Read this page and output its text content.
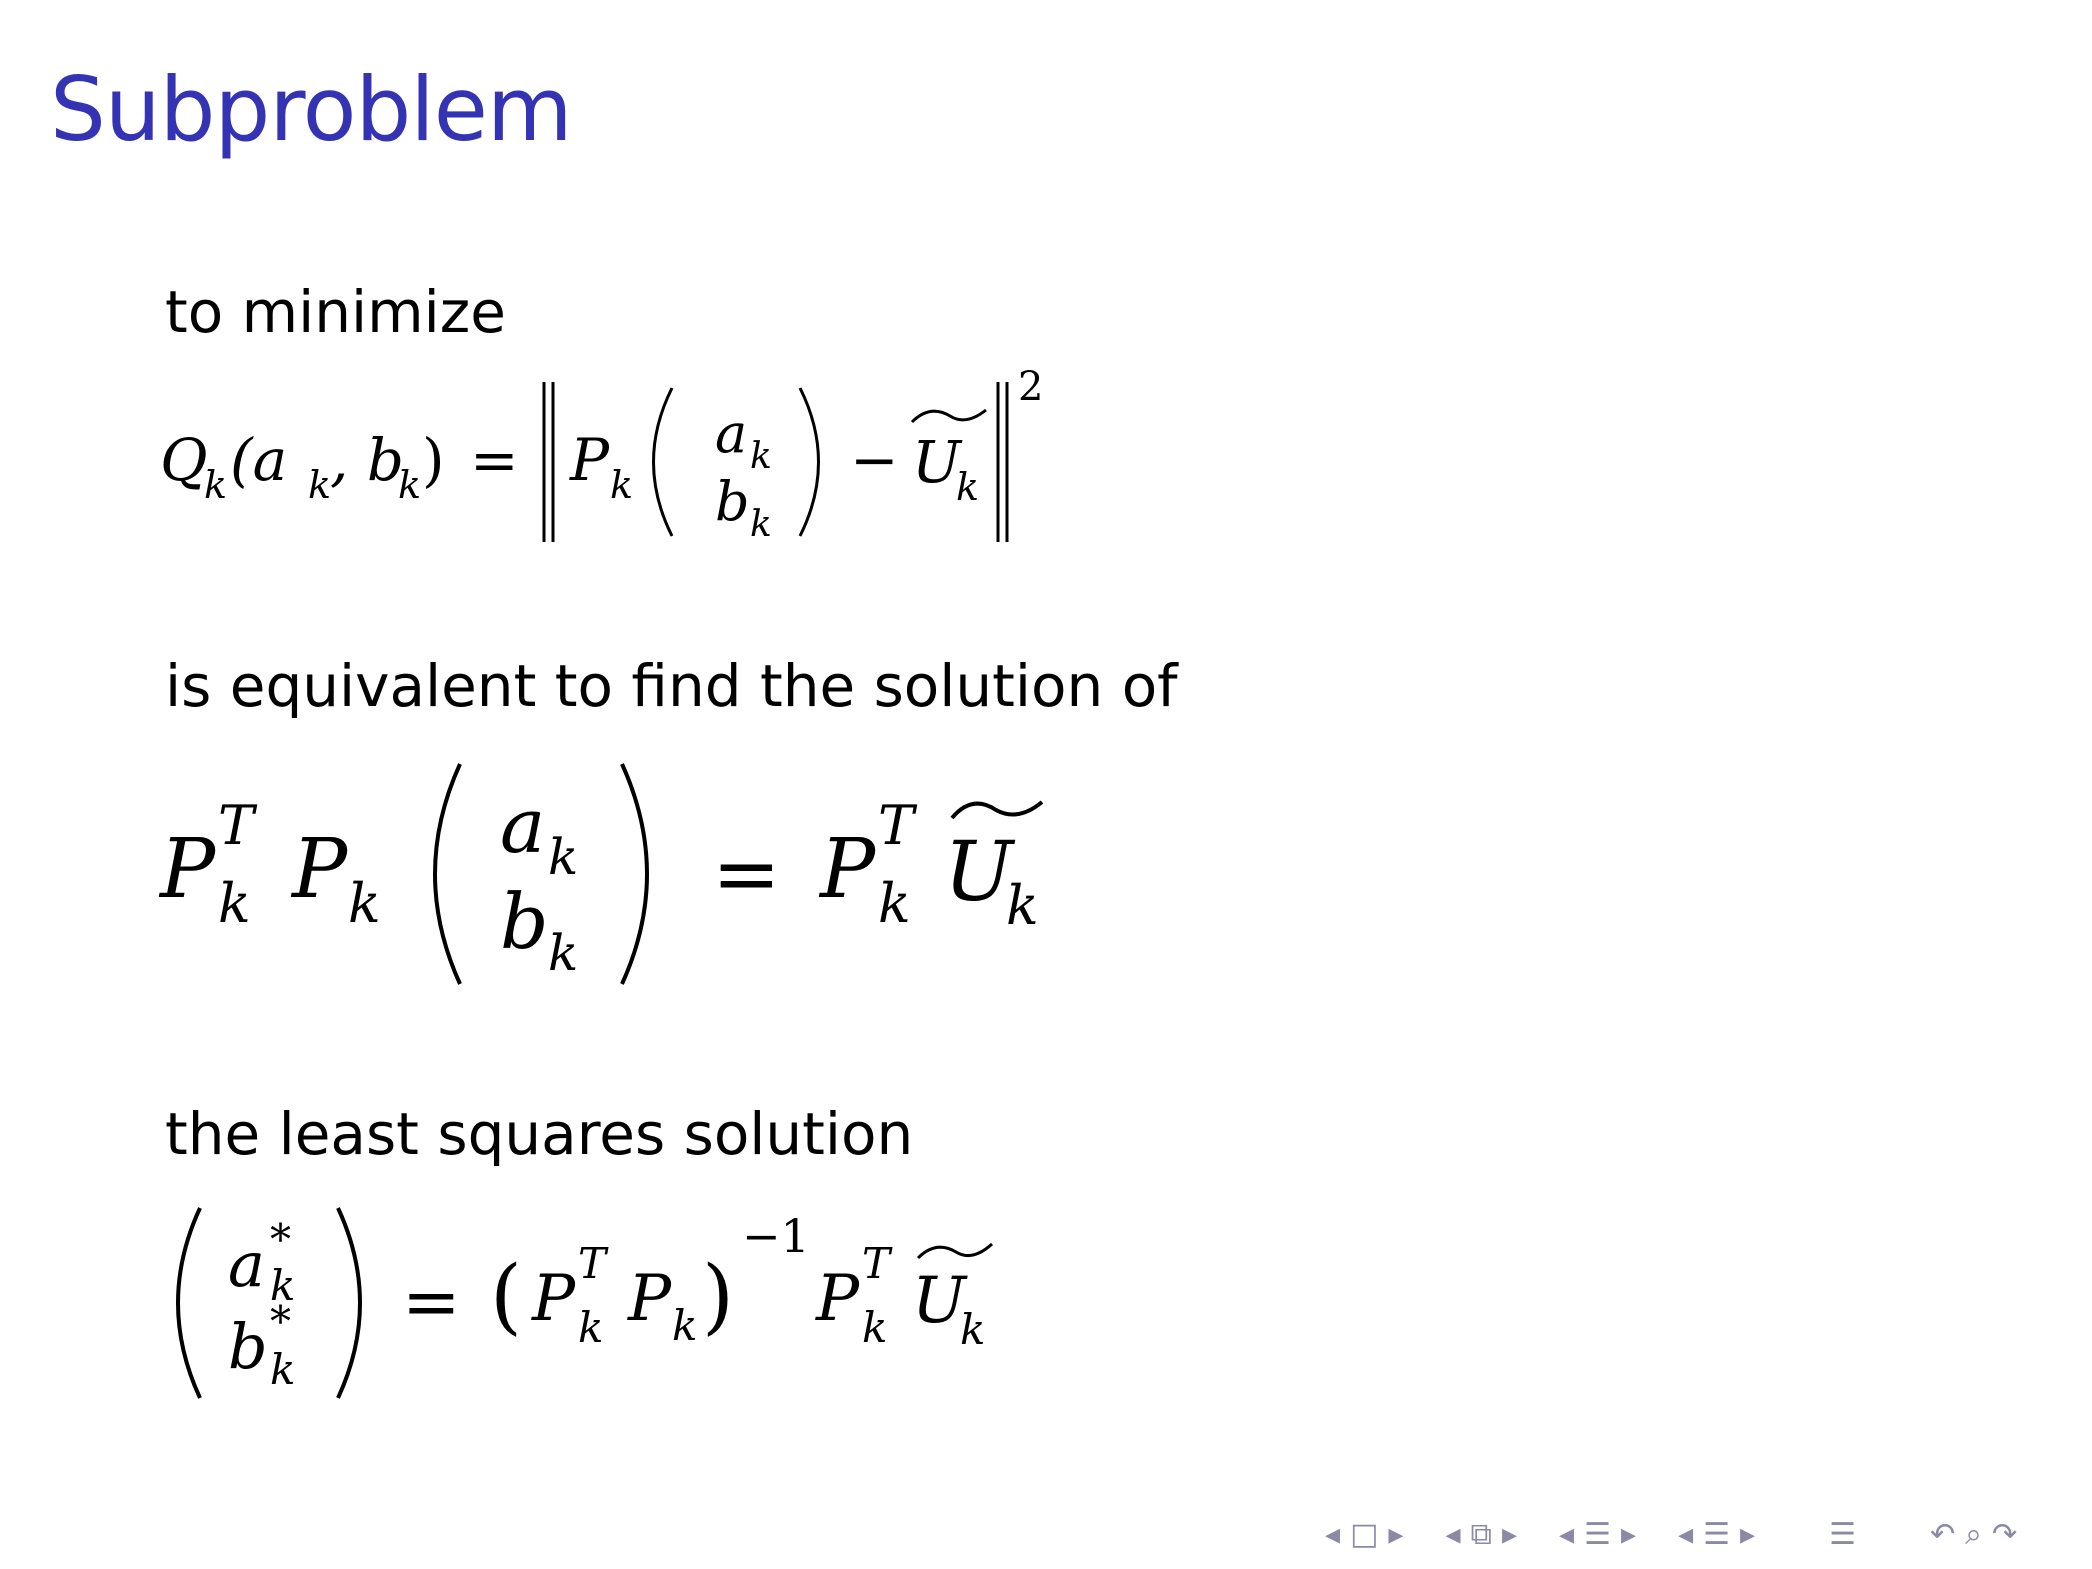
Subproblem
to minimize
Q
k (a k
, b
k ) = P k
a k
b k
− U
k
2
is equivalent to find the solution of
P T
k P k
a k
b k
= P T
k U
k
the least squares solution
a *
k
b *
k
= ( P T
k P k )
−1
P T
k U
k
◂ □ ▸ ◂ ⧉ ▸ ◂ ☰ ▸ ◂ ☰ ▸ ☰ ↶ ⌕ ↷
